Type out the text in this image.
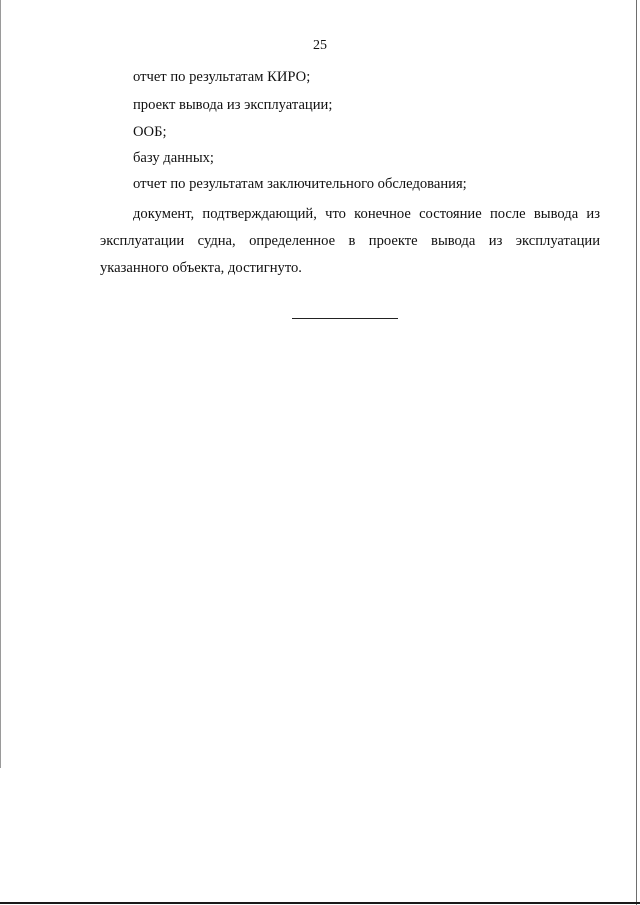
25
отчет по результатам КИРО;
проект вывода из эксплуатации;
ООБ;
базу данных;
отчет по результатам заключительного обследования;
документ, подтверждающий, что конечное состояние после вывода из
эксплуатации судна, определенное в проекте вывода из эксплуатации
указанного объекта, достигнуто.
